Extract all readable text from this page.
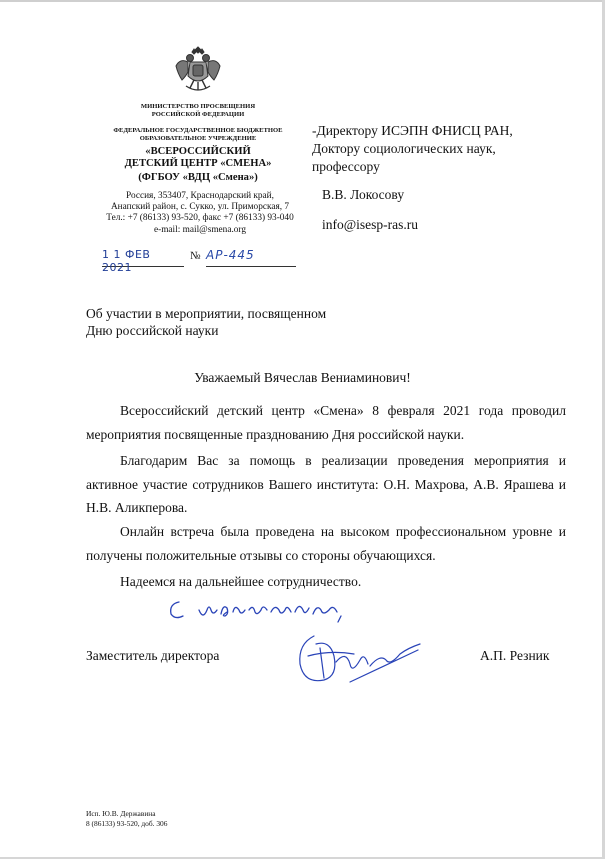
МИНИСТЕРСТВО ПРОСВЕЩЕНИЯ
РОССИЙСКОЙ ФЕДЕРАЦИИ
ФЕДЕРАЛЬНОЕ ГОСУДАРСТВЕННОЕ БЮДЖЕТНОЕ
ОБРАЗОВАТЕЛЬНОЕ УЧРЕЖДЕНИЕ
«ВСЕРОССИЙСКИЙ
ДЕТСКИЙ ЦЕНТР «СМЕНА»
(ФГБОУ «ВДЦ «Смена»)
Россия, 353407, Краснодарский край,
Анапский район, с. Сукко, ул. Приморская, 7
Тел.: +7 (86133) 93-520, факс +7 (86133) 93-040
e-mail: mail@smena.org
1 1 ФЕВ 2021
№ АР-445
-Директору ИСЭПН ФНИСЦ РАН,
Доктору социологических наук,
профессору
В.В. Локосову
info@isesp-ras.ru
Об участии в мероприятии, посвященном
Дню российской науки
Уважаемый Вячеслав Вениаминович!

Всероссийский детский центр «Смена» 8 февраля 2021 года проводил мероприятия посвященные празднованию Дня российской науки.

Благодарим Вас за помощь в реализации проведения мероприятия и активное участие сотрудников Вашего института: О.Н. Махрова, А.В. Ярашева и Н.В. Аликперова.

Онлайн встреча была проведена на высоком профессиональном уровне и получены положительные отзывы со стороны обучающихся.

Надеемся на дальнейшее сотрудничество.

Заместитель директора	А.П. Резник
Исп. Ю.В. Державина
8 (86133) 93-520, доб. 306
